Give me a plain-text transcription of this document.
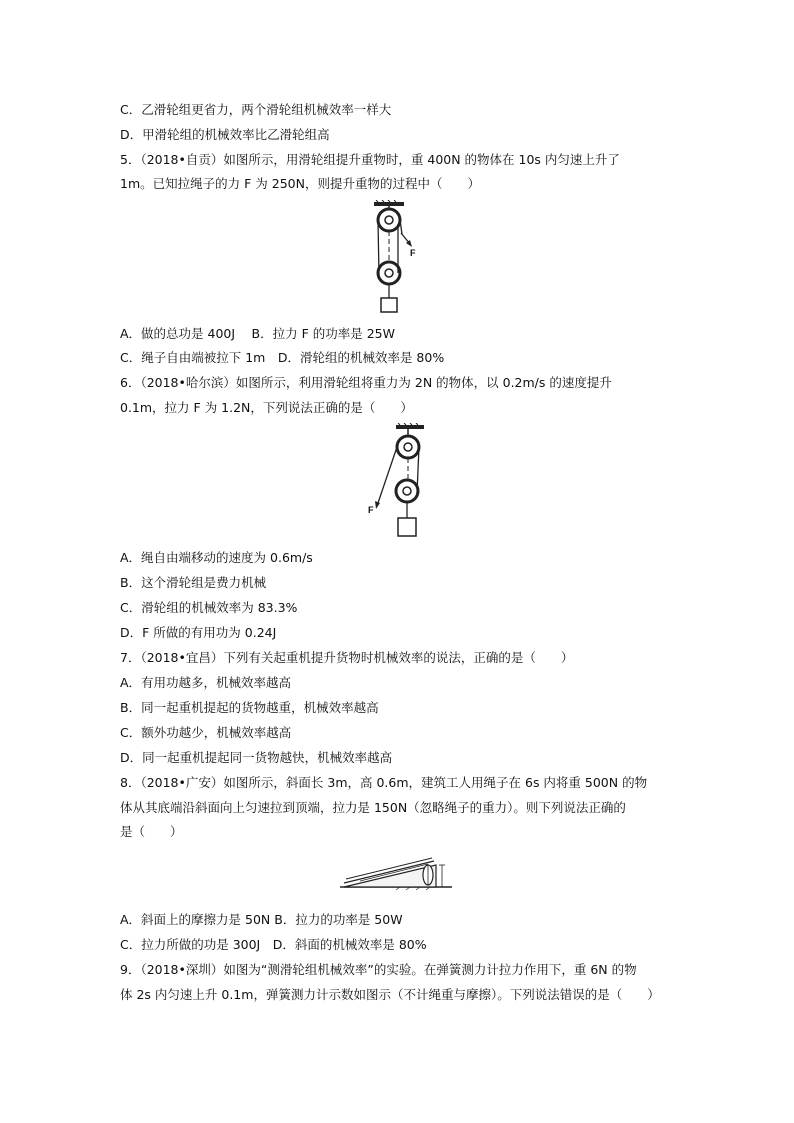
C．乙滑轮组更省力，两个滑轮组机械效率一样大
D．甲滑轮组的机械效率比乙滑轮组高
5．（2018•自贡）如图所示，用滑轮组提升重物时，重 400N 的物体在 10s 内匀速上升了
1m。已知拉绳子的力 F 为 250N，则提升重物的过程中（　　）
F
A．做的总功是 400J　 B．拉力 F 的功率是 25W
C．绳子自由端被拉下 1m　D．滑轮组的机械效率是 80%
6．（2018•哈尔滨）如图所示，利用滑轮组将重力为 2N 的物体，以 0.2m/s 的速度提升
0.1m，拉力 F 为 1.2N，下列说法正确的是（　　）
F
A．绳自由端移动的速度为 0.6m/s
B．这个滑轮组是费力机械
C．滑轮组的机械效率为 83.3%
D．F 所做的有用功为 0.24J
7．（2018•宜昌）下列有关起重机提升货物时机械效率的说法，正确的是（　　）
A．有用功越多，机械效率越高
B．同一起重机提起的货物越重，机械效率越高
C．额外功越少，机械效率越高
D．同一起重机提起同一货物越快，机械效率越高
8．（2018•广安）如图所示，斜面长 3m，高 0.6m，建筑工人用绳子在 6s 内将重 500N 的物
体从其底端沿斜面向上匀速拉到顶端，拉力是 150N（忽略绳子的重力）。则下列说法正确的
是（　　）
A．斜面上的摩擦力是 50N B．拉力的功率是 50W
C．拉力所做的功是 300J　D．斜面的机械效率是 80%
9．（2018•深圳）如图为“测滑轮组机械效率”的实验。在弹簧测力计拉力作用下，重 6N 的物
体 2s 内匀速上升 0.1m，弹簧测力计示数如图示（不计绳重与摩擦）。下列说法错误的是（　　）
